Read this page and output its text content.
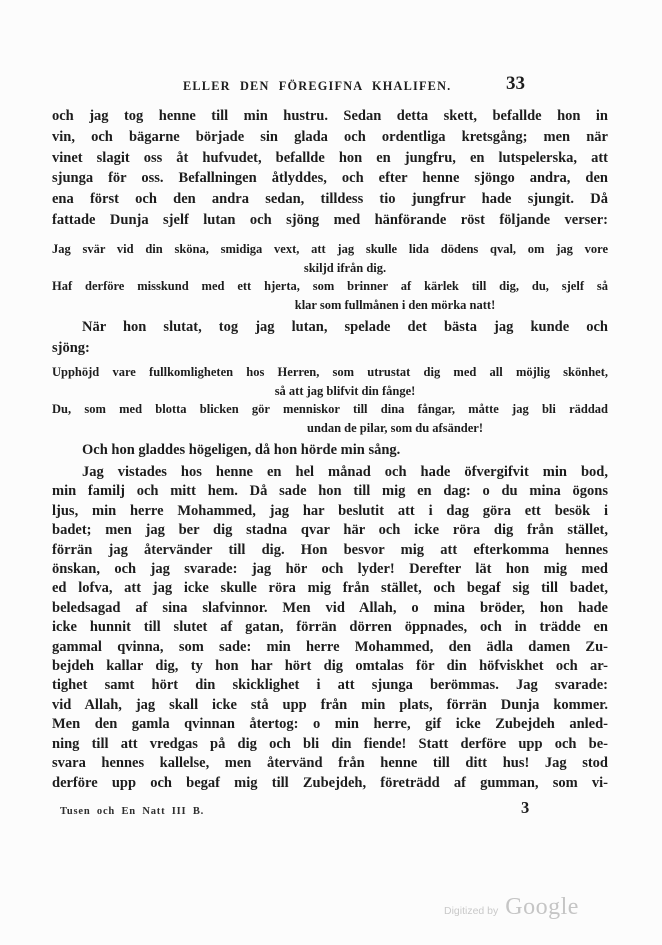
ELLER DEN FÖREGIFNA KHALIFEN.	33
och jag tog henne till min hustru. Sedan detta skett, befallde hon in
vin, och bägarne började sin glada och ordentliga kretsgång; men när
vinet slagit oss åt hufvudet, befallde hon en jungfru, en lutspelerska, att
sjunga för oss. Befallningen åtlyddes, och efter henne sjöngo andra, den
ena först och den andra sedan, tilldess tio jungfrur hade sjungit. Då
fattade Dunja sjelf lutan och sjöng med hänförande röst följande verser:
Jag svär vid din sköna, smidiga vext, att jag skulle lida dödens qval, om jag vore
skiljd ifrån dig.
Haf derföre misskund med ett hjerta, som brinner af kärlek till dig, du, sjelf så
klar som fullmånen i den mörka natt!
När hon slutat, tog jag lutan, spelade det bästa jag kunde och
sjöng:
Upphöjd vare fullkomligheten hos Herren, som utrustat dig med all möjlig skönhet,
så att jag blifvit din fånge!
Du, som med blotta blicken gör menniskor till dina fångar, måtte jag bli räddad
undan de pilar, som du afsänder!
Och hon gladdes högeligen, då hon hörde min sång.
Jag vistades hos henne en hel månad och hade öfvergifvit min bod,
min familj och mitt hem. Då sade hon till mig en dag: o du mina ögons
ljus, min herre Mohammed, jag har beslutit att i dag göra ett besök i
badet; men jag ber dig stadna qvar här och icke röra dig från stället,
förrän jag återvänder till dig. Hon besvor mig att efterkomma hennes
önskan, och jag svarade: jag hör och lyder! Derefter lät hon mig med
ed lofva, att jag icke skulle röra mig från stället, och begaf sig till badet,
beledsagad af sina slafvinnor. Men vid Allah, o mina bröder, hon hade
icke hunnit till slutet af gatan, förrän dörren öppnades, och in trädde en
gammal qvinna, som sade: min herre Mohammed, den ädla damen Zu-
bejdeh kallar dig, ty hon har hört dig omtalas för din höfviskhet och ar-
tighet samt hört din skicklighet i att sjunga berömmas. Jag svarade:
vid Allah, jag skall icke stå upp från min plats, förrän Dunja kommer.
Men den gamla qvinnan återtog: o min herre, gif icke Zubejdeh anled-
ning till att vredgas på dig och bli din fiende! Statt derföre upp och be-
svara hennes kallelse, men återvänd från henne till ditt hus! Jag stod
derföre upp och begaf mig till Zubejdeh, företrädd af gumman, som vi-
Tusen och En Natt III B.	3
Digitized by Google
